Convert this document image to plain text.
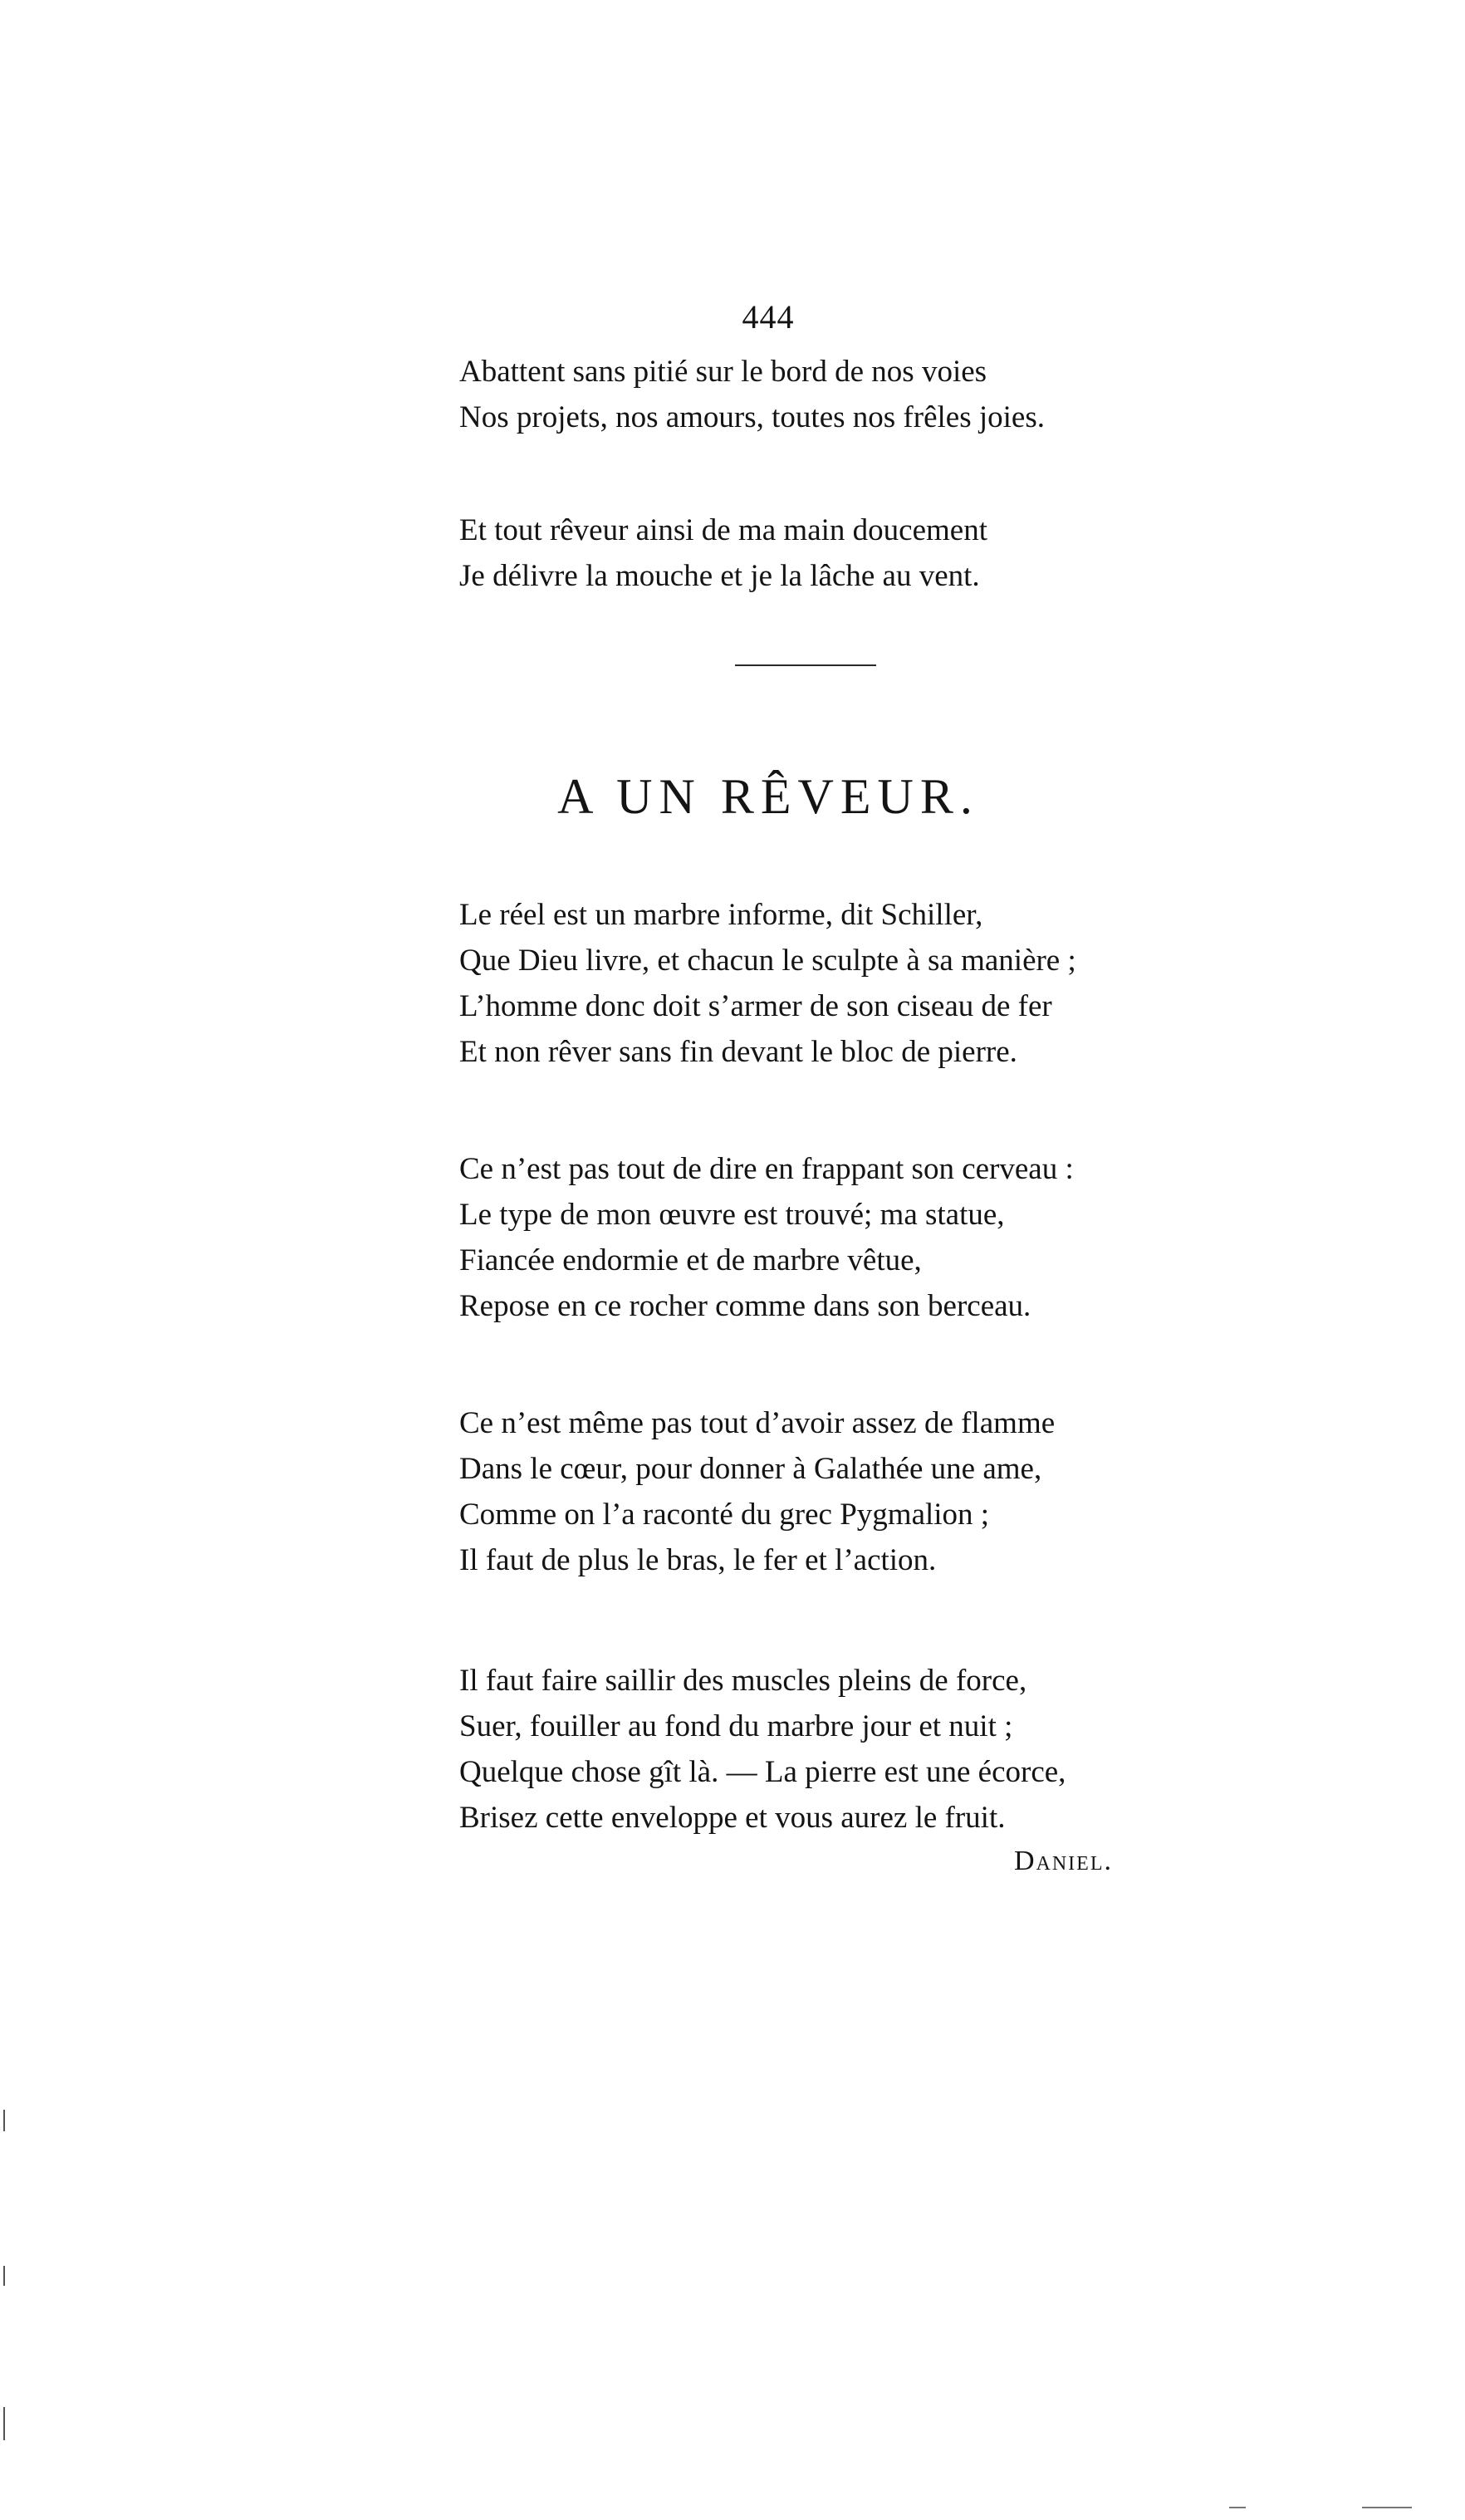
444
Abattent sans pitié sur le bord de nos voies
Nos projets, nos amours, toutes nos frêles joies.
Et tout rêveur ainsi de ma main doucement
Je délivre la mouche et je la lâche au vent.
A UN RÊVEUR.
Le réel est un marbre informe, dit Schiller,
Que Dieu livre, et chacun le sculpte à sa manière ;
L’homme donc doit s’armer de son ciseau de fer
Et non rêver sans fin devant le bloc de pierre.
Ce n’est pas tout de dire en frappant son cerveau :
Le type de mon œuvre est trouvé; ma statue,
Fiancée endormie et de marbre vêtue,
Repose en ce rocher comme dans son berceau.
Ce n’est même pas tout d’avoir assez de flamme
Dans le cœur, pour donner à Galathée une ame,
Comme on l’a raconté du grec Pygmalion ;
Il faut de plus le bras, le fer et l’action.
Il faut faire saillir des muscles pleins de force,
Suer, fouiller au fond du marbre jour et nuit ;
Quelque chose gît là. — La pierre est une écorce,
Brisez cette enveloppe et vous aurez le fruit.
Daniel.
